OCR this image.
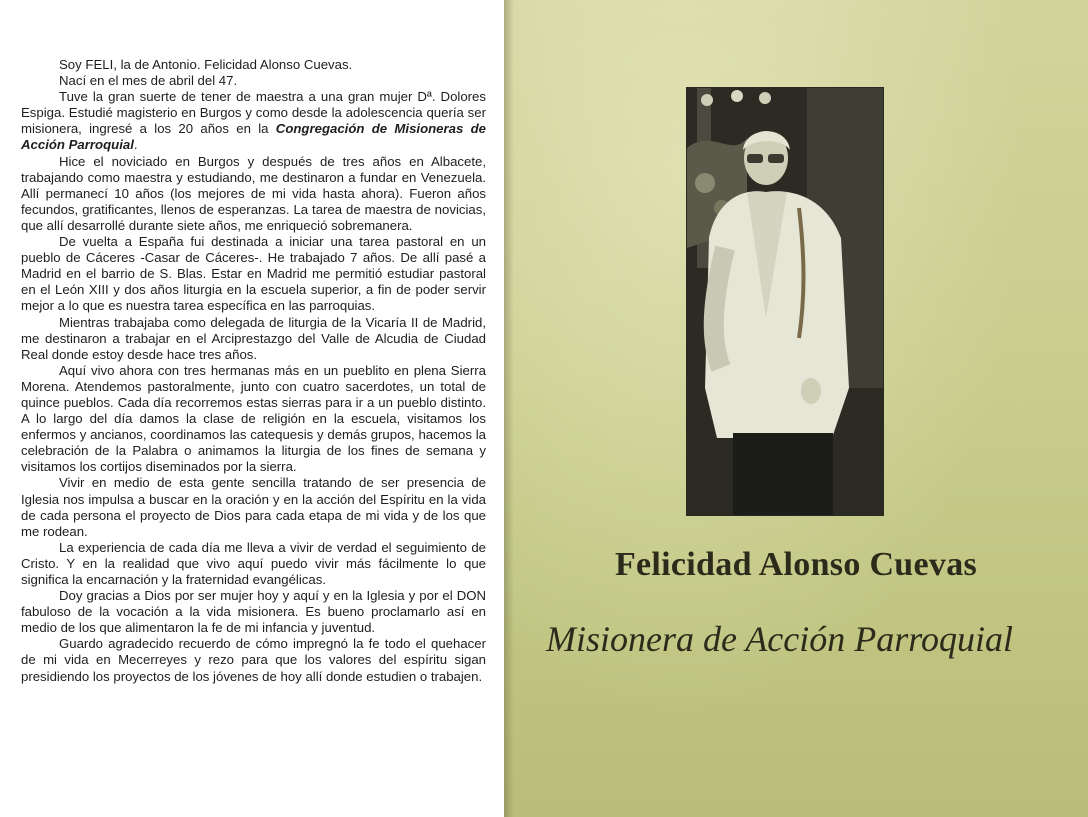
Soy FELI, la de Antonio. Felicidad Alonso Cuevas.

Nací en el mes de abril del 47.

Tuve la gran suerte de tener de maestra a una gran mujer Dª. Dolores Espiga. Estudié magisterio en Burgos y como desde la adolescencia quería ser misionera, ingresé a los 20 años en la Congregación de Misioneras de Acción Parroquial.

Hice el noviciado en Burgos y después de tres años en Albacete, trabajando como maestra y estudiando, me destinaron a fundar en Venezuela. Allí permanecí 10 años (los mejores de mi vida hasta ahora). Fueron años fecundos, gratificantes, llenos de esperanzas. La tarea de maestra de novicias, que allí desarrollé durante siete años, me enriqueció sobremanera.

De vuelta a España fui destinada a iniciar una tarea pastoral en un pueblo de Cáceres -Casar de Cáceres-. He trabajado 7 años. De allí pasé a Madrid en el barrio de S. Blas. Estar en Madrid me permitió estudiar pastoral en el León XIII y dos años liturgia en la escuela superior, a fin de poder servir mejor a lo que es nuestra tarea específica en las parroquias.

Mientras trabajaba como delegada de liturgia de la Vicaría II de Madrid, me destinaron a trabajar en el Arciprestazgo del Valle de Alcudia de Ciudad Real donde estoy desde hace tres años.

Aquí vivo ahora con tres hermanas más en un pueblito en plena Sierra Morena. Atendemos pastoralmente, junto con cuatro sacerdotes, un total de quince pueblos. Cada día recorremos estas sierras para ir a un pueblo distinto. A lo largo del día damos la clase de religión en la escuela, visitamos los enfermos y ancianos, coordinamos las catequesis y demás grupos, hacemos la celebración de la Palabra o animamos la liturgia de los fines de semana y visitamos los cortijos diseminados por la sierra.

Vivir en medio de esta gente sencilla tratando de ser presencia de Iglesia nos impulsa a buscar en la oración y en la acción del Espíritu en la vida de cada persona el proyecto de Dios para cada etapa de mi vida y de los que me rodean.

La experiencia de cada día me lleva a vivir de verdad el seguimiento de Cristo. Y en la realidad que vivo aquí puedo vivir más fácilmente lo que significa la encarnación y la fraternidad evangélicas.

Doy gracias a Dios por ser mujer hoy y aquí y en la Iglesia y por el DON fabuloso de la vocación a la vida misionera. Es bueno proclamarlo así en medio de los que alimentaron la fe de mi infancia y juventud.

Guardo agradecido recuerdo de cómo impregnó la fe todo el quehacer de mi vida en Mecerreyes y rezo para que los valores del espíritu sigan presidiendo los proyectos de los jóvenes de hoy allí donde estudien o trabajen.

Felicidad Alonso Cuevas
Misionera de Acción Parroquial
